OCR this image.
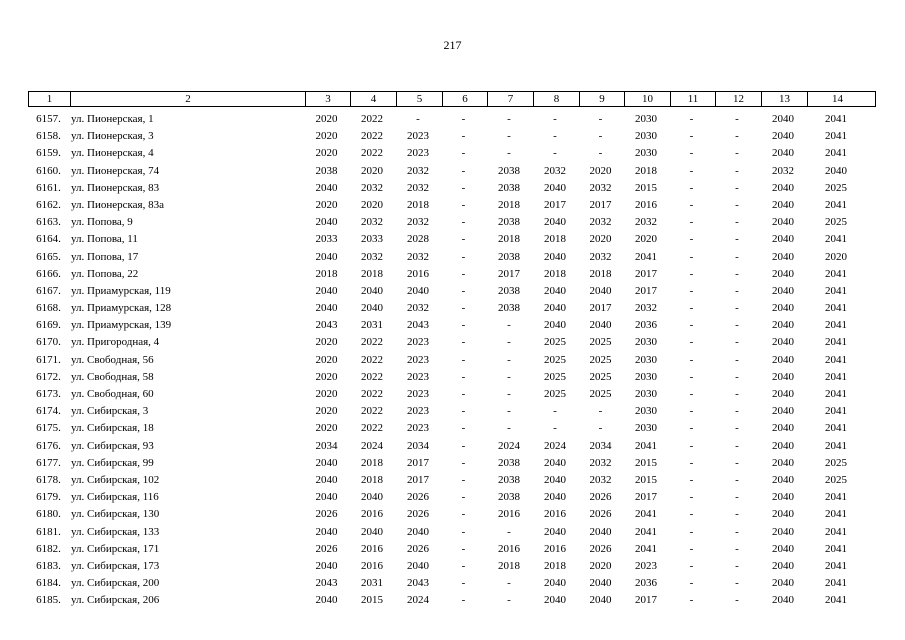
217
1	2	3	4	5	6	7	8	9	10	11	12	13	14
6157. ул. Пионерская, 1	2020	2022	-	-	-	-	-	2030	-	-	2040	2041
6158. ул. Пионерская, 3	2020	2022	2023	-	-	-	-	2030	-	-	2040	2041
6159. ул. Пионерская, 4	2020	2022	2023	-	-	-	-	2030	-	-	2040	2041
6160. ул. Пионерская, 74	2038	2020	2032	-	2038	2032	2020	2018	-	-	2032	2040
6161. ул. Пионерская, 83	2040	2032	2032	-	2038	2040	2032	2015	-	-	2040	2025
6162. ул. Пионерская, 83а	2020	2020	2018	-	2018	2017	2017	2016	-	-	2040	2041
6163. ул. Попова, 9	2040	2032	2032	-	2038	2040	2032	2032	-	-	2040	2025
6164. ул. Попова, 11	2033	2033	2028	-	2018	2018	2020	2020	-	-	2040	2041
6165. ул. Попова, 17	2040	2032	2032	-	2038	2040	2032	2041	-	-	2040	2020
6166. ул. Попова, 22	2018	2018	2016	-	2017	2018	2018	2017	-	-	2040	2041
6167. ул. Приамурская, 119	2040	2040	2040	-	2038	2040	2040	2017	-	-	2040	2041
6168. ул. Приамурская, 128	2040	2040	2032	-	2038	2040	2017	2032	-	-	2040	2041
6169. ул. Приамурская, 139	2043	2031	2043	-	-	2040	2040	2036	-	-	2040	2041
6170. ул. Пригородная, 4	2020	2022	2023	-	-	2025	2025	2030	-	-	2040	2041
6171. ул. Свободная, 56	2020	2022	2023	-	-	2025	2025	2030	-	-	2040	2041
6172. ул. Свободная, 58	2020	2022	2023	-	-	2025	2025	2030	-	-	2040	2041
6173. ул. Свободная, 60	2020	2022	2023	-	-	2025	2025	2030	-	-	2040	2041
6174. ул. Сибирская, 3	2020	2022	2023	-	-	-	-	2030	-	-	2040	2041
6175. ул. Сибирская, 18	2020	2022	2023	-	-	-	-	2030	-	-	2040	2041
6176. ул. Сибирская, 93	2034	2024	2034	-	2024	2024	2034	2041	-	-	2040	2041
6177. ул. Сибирская, 99	2040	2018	2017	-	2038	2040	2032	2015	-	-	2040	2025
6178. ул. Сибирская, 102	2040	2018	2017	-	2038	2040	2032	2015	-	-	2040	2025
6179. ул. Сибирская, 116	2040	2040	2026	-	2038	2040	2026	2017	-	-	2040	2041
6180. ул. Сибирская, 130	2026	2016	2026	-	2016	2016	2026	2041	-	-	2040	2041
6181. ул. Сибирская, 133	2040	2040	2040	-	-	2040	2040	2041	-	-	2040	2041
6182. ул. Сибирская, 171	2026	2016	2026	-	2016	2016	2026	2041	-	-	2040	2041
6183. ул. Сибирская, 173	2040	2016	2040	-	2018	2018	2020	2023	-	-	2040	2041
6184. ул. Сибирская, 200	2043	2031	2043	-	-	2040	2040	2036	-	-	2040	2041
6185. ул. Сибирская, 206	2040	2015	2024	-	-	2040	2040	2017	-	-	2040	2041
